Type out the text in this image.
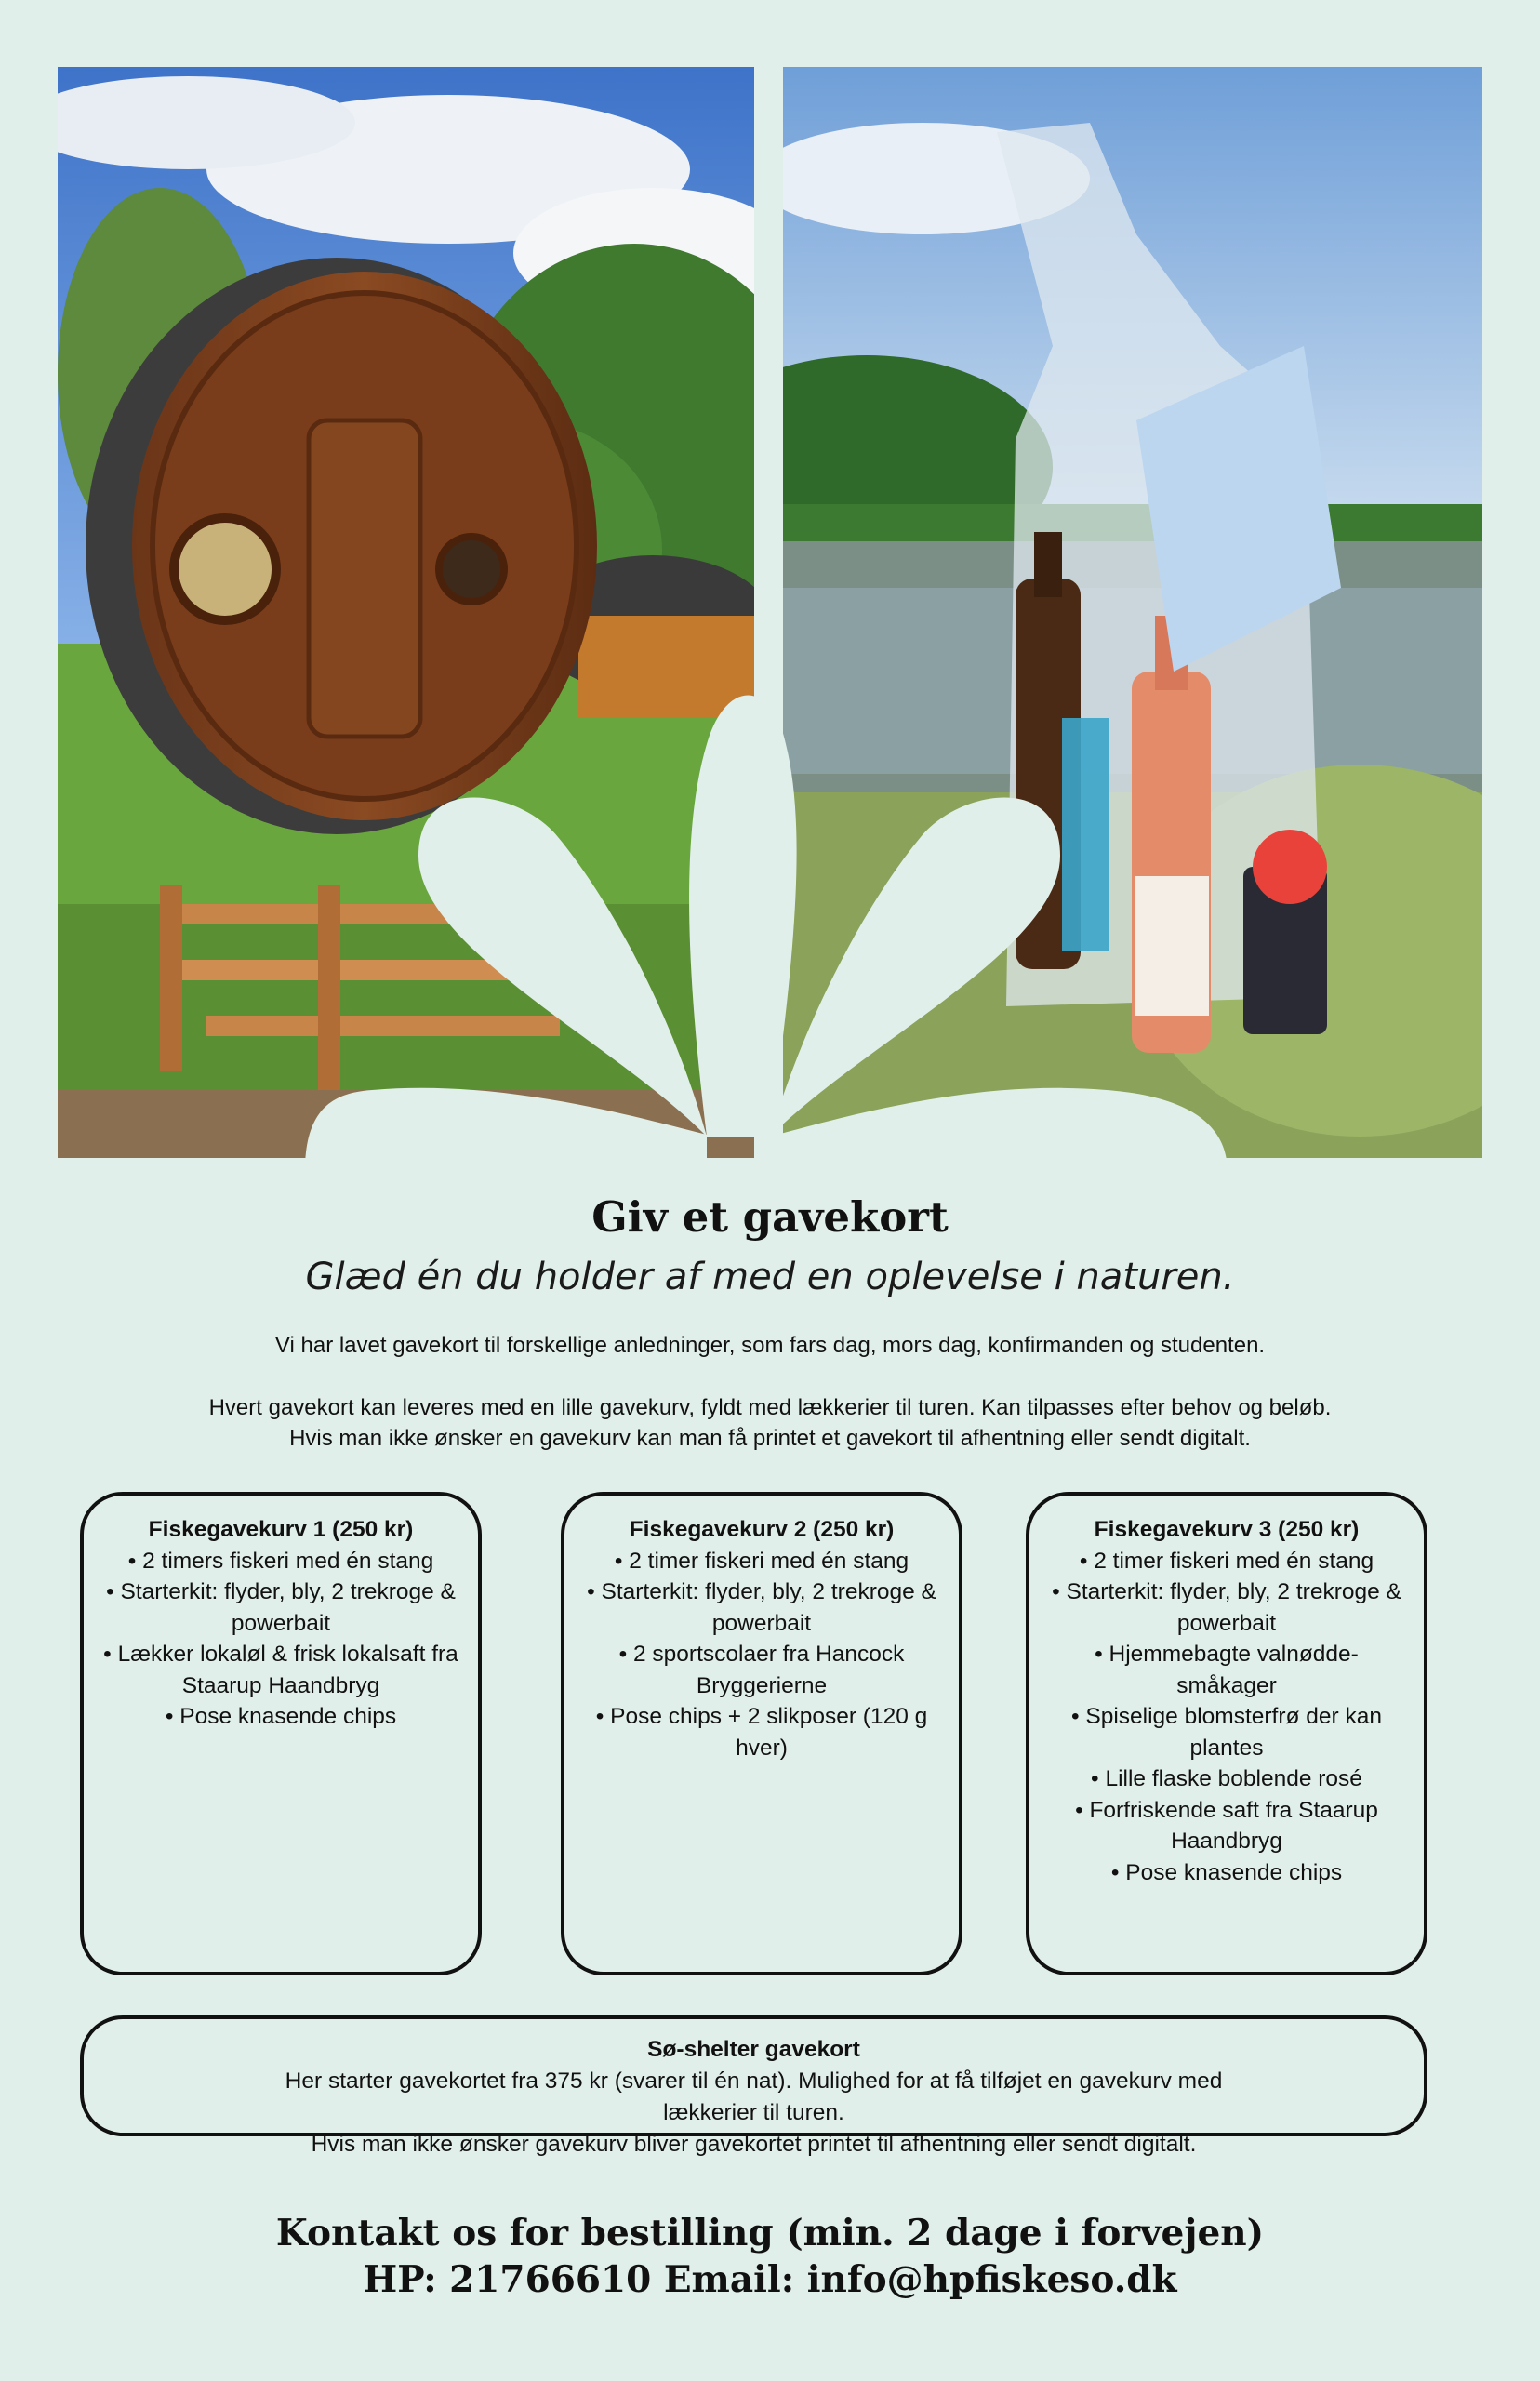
Giv et gavekort
Glæd én du holder af med en oplevelse i naturen.
Vi har lavet gavekort til forskellige anledninger, som fars dag, mors dag, konfirmanden og studenten.
Hvert gavekort kan leveres med en lille gavekurv, fyldt med lækkerier til turen. Kan tilpasses efter behov og beløb.
Hvis man ikke ønsker en gavekurv kan man få printet et gavekort til afhentning eller sendt digitalt.
Fiskegavekurv 1 (250 kr)
• 2 timers fiskeri med én stang
• Starterkit: flyder, bly, 2 trekroge & powerbait
• Lækker lokaløl & frisk lokalsaft fra Staarup Haandbryg
• Pose knasende chips
Fiskegavekurv 2 (250 kr)
• 2 timer fiskeri med én stang
• Starterkit: flyder, bly, 2 trekroge & powerbait
• 2 sportscolaer fra Hancock Bryggerierne
• Pose chips + 2 slikposer (120 g hver)
Fiskegavekurv 3 (250 kr)
• 2 timer fiskeri med én stang
• Starterkit: flyder, bly, 2 trekroge & powerbait
• Hjemmebagte valnødde-småkager
• Spiselige blomsterfrø der kan plantes
• Lille flaske boblende rosé
• Forfriskende saft fra Staarup Haandbryg
• Pose knasende chips
Sø-shelter gavekort

Her starter gavekortet fra 375 kr (svarer til én nat). Mulighed for at få tilføjet en gavekurv med lækkerier til turen.

Hvis man ikke ønsker gavekurv bliver gavekortet printet til afhentning eller sendt digitalt.

Kontakt os for bestilling (min. 2 dage i forvejen)
HP: 21766610 Email: info@hpfiskeso.dk
